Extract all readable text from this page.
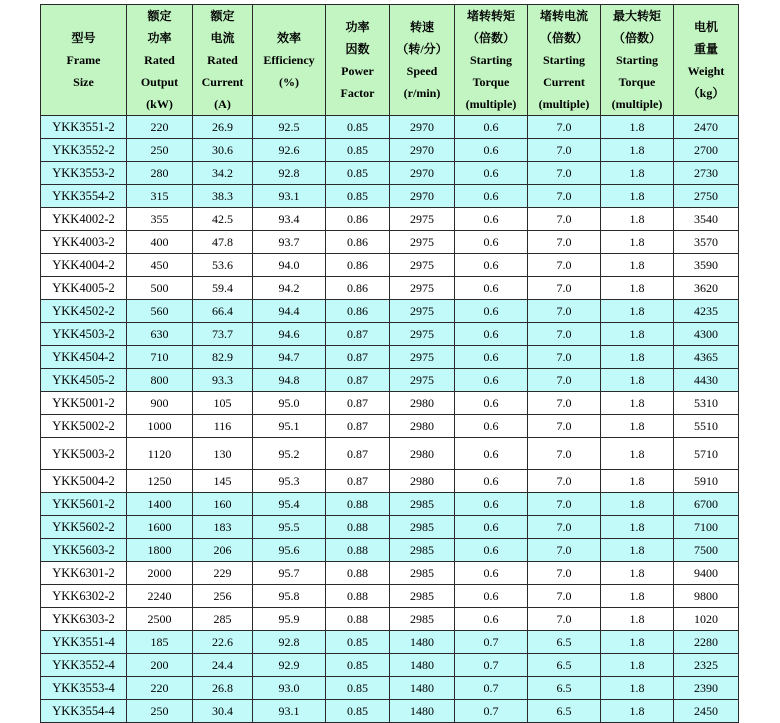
型号
Frame
Size	额定
功率
Rated
Output
(kW)	额定
电流
Rated
Current
(A)	效率
Efficiency
(%)	功率
因数
Power
Factor	转速
（转/分）
Speed
(r/min)	堵转转矩
（倍数）
Starting
Torque
(multiple)	堵转电流
（倍数）
Starting
Current
(multiple)	最大转矩
（倍数）
Starting
Torque
(multiple)	电机
重量
Weight
（kg）

YKK3551-2	220	26.9	92.5	0.85	2970	0.6	7.0	1.8	2470
YKK3552-2	250	30.6	92.6	0.85	2970	0.6	7.0	1.8	2700
YKK3553-2	280	34.2	92.8	0.85	2970	0.6	7.0	1.8	2730
YKK3554-2	315	38.3	93.1	0.85	2970	0.6	7.0	1.8	2750
YKK4002-2	355	42.5	93.4	0.86	2975	0.6	7.0	1.8	3540
YKK4003-2	400	47.8	93.7	0.86	2975	0.6	7.0	1.8	3570
YKK4004-2	450	53.6	94.0	0.86	2975	0.6	7.0	1.8	3590
YKK4005-2	500	59.4	94.2	0.86	2975	0.6	7.0	1.8	3620
YKK4502-2	560	66.4	94.4	0.86	2975	0.6	7.0	1.8	4235
YKK4503-2	630	73.7	94.6	0.87	2975	0.6	7.0	1.8	4300
YKK4504-2	710	82.9	94.7	0.87	2975	0.6	7.0	1.8	4365
YKK4505-2	800	93.3	94.8	0.87	2975	0.6	7.0	1.8	4430
YKK5001-2	900	105	95.0	0.87	2980	0.6	7.0	1.8	5310
YKK5002-2	1000	116	95.1	0.87	2980	0.6	7.0	1.8	5510
YKK5003-2	1120	130	95.2	0.87	2980	0.6	7.0	1.8	5710
YKK5004-2	1250	145	95.3	0.87	2980	0.6	7.0	1.8	5910
YKK5601-2	1400	160	95.4	0.88	2985	0.6	7.0	1.8	6700
YKK5602-2	1600	183	95.5	0.88	2985	0.6	7.0	1.8	7100
YKK5603-2	1800	206	95.6	0.88	2985	0.6	7.0	1.8	7500
YKK6301-2	2000	229	95.7	0.88	2985	0.6	7.0	1.8	9400
YKK6302-2	2240	256	95.8	0.88	2985	0.6	7.0	1.8	9800
YKK6303-2	2500	285	95.9	0.88	2985	0.6	7.0	1.8	1020
YKK3551-4	185	22.6	92.8	0.85	1480	0.7	6.5	1.8	2280
YKK3552-4	200	24.4	92.9	0.85	1480	0.7	6.5	1.8	2325
YKK3553-4	220	26.8	93.0	0.85	1480	0.7	6.5	1.8	2390
YKK3554-4	250	30.4	93.1	0.85	1480	0.7	6.5	1.8	2450
